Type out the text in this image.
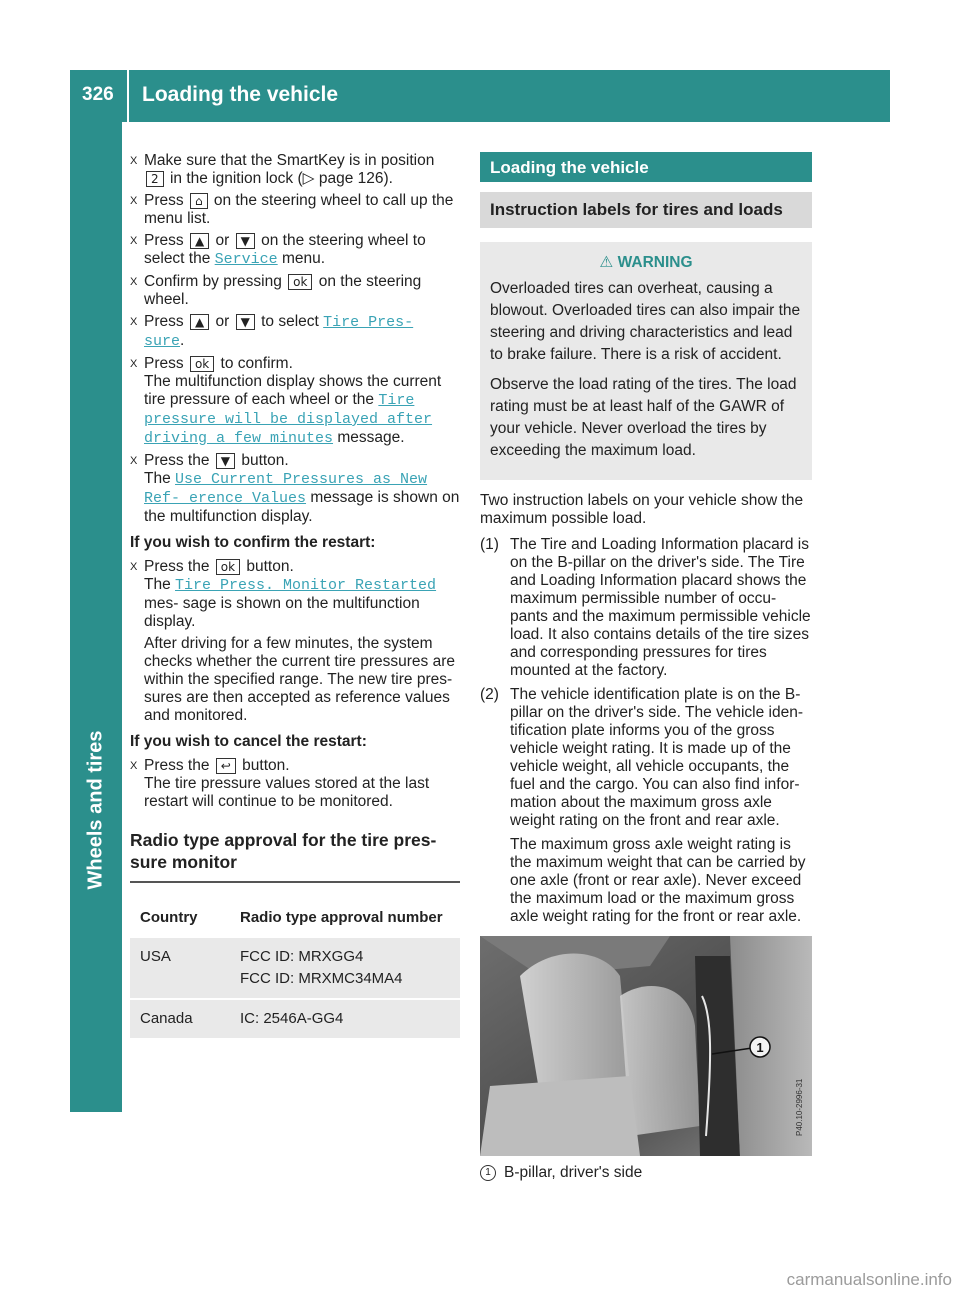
326 Loading the vehicle
Wheels and tires
X Make sure that the SmartKey is in position 2 in the ignition lock (▷ page 126).
X Press ⌂ on the steering wheel to call up the menu list.
X Press ▲ or ▼ on the steering wheel to select the Service menu.
X Confirm by pressing ok on the steering wheel.
X Press ▲ or ▼ to select Tire Pres‐ sure.
X Press ok to confirm.
The multifunction display shows the current tire pressure of each wheel or the Tire pressure will be displayed after driving a few minutes message.
X Press the ▼ button.
The Use Current Pressures as New Ref‐ erence Values message is shown on the multifunction display.
If you wish to confirm the restart:
X Press the ok button.
The Tire Press. Monitor Restarted mes‐ sage is shown on the multifunction display.
After driving for a few minutes, the system checks whether the current tire pressures are within the specified range. The new tire pres‐ sures are then accepted as reference values and monitored.
If you wish to cancel the restart:
X Press the ↩ button.
The tire pressure values stored at the last restart will continue to be monitored.
Radio type approval for the tire pres‐ sure monitor
Country	Radio type approval number
USA	FCC ID: MRXGG4
FCC ID: MRXMC34MA4

Canada	IC: 2546A-GG4
Loading the vehicle
Instruction labels for tires and loads
⚠ WARNING

Overloaded tires can overheat, causing a blowout. Overloaded tires can also impair the steering and driving characteristics and lead to brake failure. There is a risk of accident.

Observe the load rating of the tires. The load rating must be at least half of the GAWR of your vehicle. Never overload the tires by exceeding the maximum load.

Two instruction labels on your vehicle show the maximum possible load.

(1) The Tire and Loading Information placard is on the B-pillar on the driver's side. The Tire and Loading Information placard shows the maximum permissible number of occu‐ pants and the maximum permissible vehicle load. It also contains details of the tire sizes and corresponding pressures for tires mounted at the factory.

(2) The vehicle identification plate is on the B‐ pillar on the driver's side. The vehicle iden‐ tification plate informs you of the gross vehicle weight rating. It is made up of the vehicle weight, all vehicle occupants, the fuel and the cargo. You can also find infor‐ mation about the maximum gross axle weight rating on the front and rear axle.

The maximum gross axle weight rating is the maximum weight that can be carried by one axle (front or rear axle). Never exceed the maximum load or the maximum gross axle weight rating for the front or rear axle.

1
P40.10-2996-31
1 B-pillar, driver's side
carmanualsonline.info
